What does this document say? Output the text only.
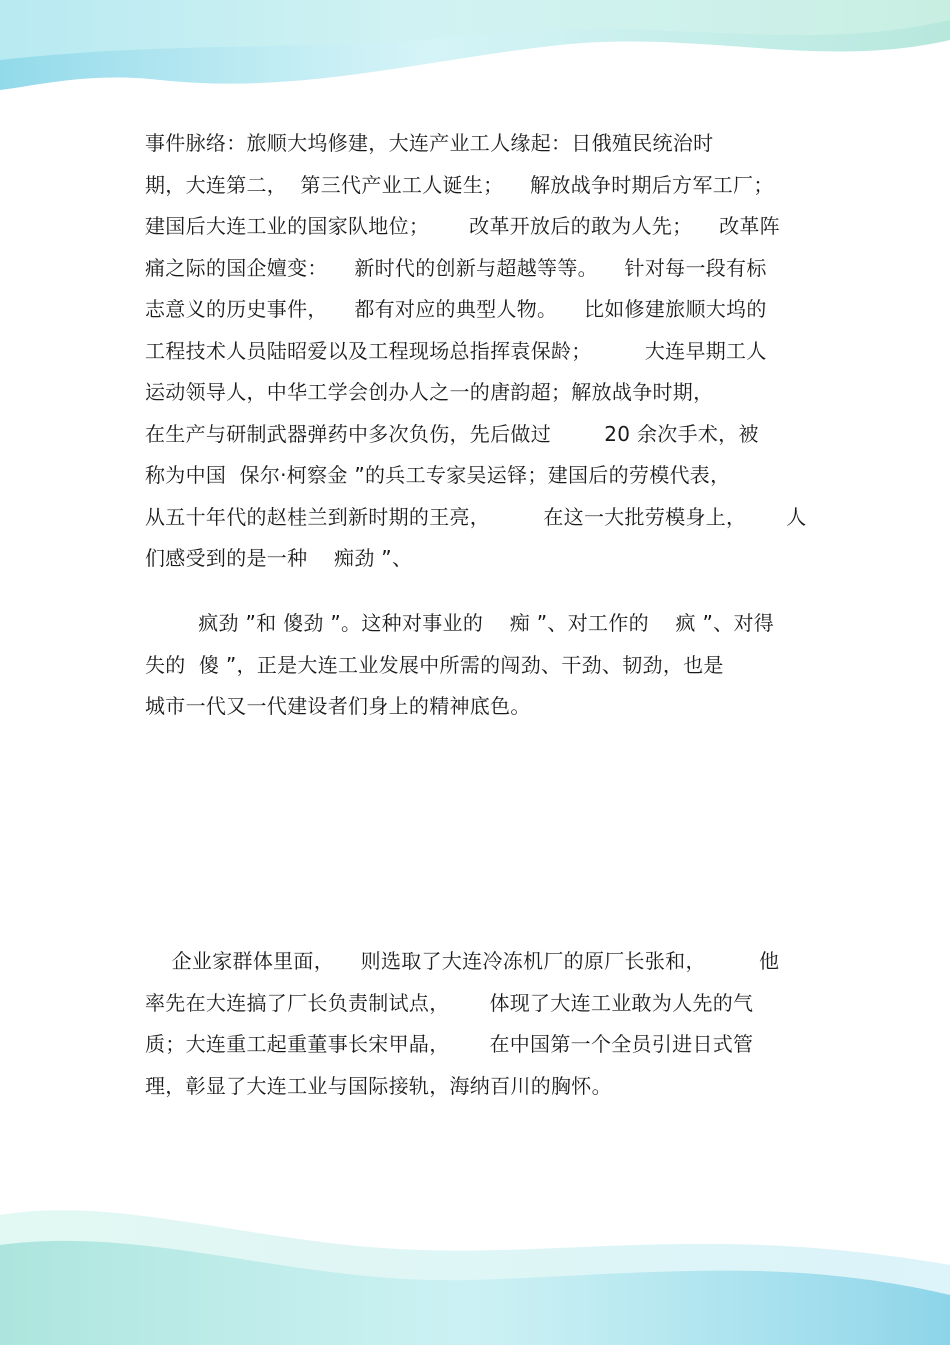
事件脉络：旅顺大坞修建，大连产业工人缘起：日俄殖民统治时
期，大连第二，  第三代产业工人诞生；    解放战争时期后方军工厂；
建国后大连工业的国家队地位；      改革开放后的敢为人先；    改革阵
痛之际的国企嬗变：    新时代的创新与超越等等。    针对每一段有标
志意义的历史事件，    都有对应的典型人物。    比如修建旅顺大坞的
工程技术人员陆昭爱以及工程现场总指挥袁保龄；        大连早期工人
运动领导人，中华工学会创办人之一的唐韵超；解放战争时期，
在生产与研制武器弹药中多次负伤，先后做过        20 余次手术，被
称为中国  保尔·柯察金 ”的兵工专家吴运铎；建国后的劳模代表，
从五十年代的赵桂兰到新时期的王亮，        在这一大批劳模身上，      人
们感受到的是一种    痴劲 ”、
疯劲 ”和 傻劲 ”。这种对事业的    痴 ”、对工作的    疯 ”、对得
失的  傻 ”，正是大连工业发展中所需的闯劲、干劲、韧劲，也是
城市一代又一代建设者们身上的精神底色。
企业家群体里面，    则选取了大连冷冻机厂的原厂长张和，        他
率先在大连搞了厂长负责制试点，      体现了大连工业敢为人先的气
质；大连重工起重董事长宋甲晶，      在中国第一个全员引进日式管
理，彰显了大连工业与国际接轨，海纳百川的胸怀。
